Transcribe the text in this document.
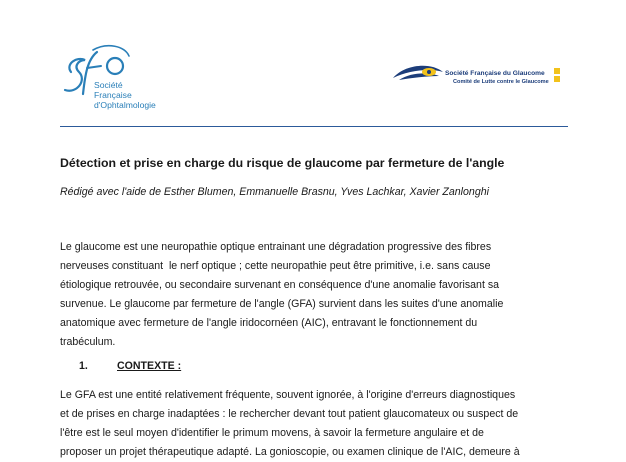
Société
Française
d'Ophtalmologie
Société Française du Glaucome
Comité de Lutte contre le Glaucome
Détection et prise en charge du risque de glaucome par fermeture de l'angle
Rédigé avec l'aide de Esther Blumen, Emmanuelle Brasnu, Yves Lachkar, Xavier Zanlonghi
Le glaucome est une neuropathie optique entrainant une dégradation progressive des fibres
nerveuses constituant  le nerf optique ; cette neuropathie peut être primitive, i.e. sans cause
étiologique retrouvée, ou secondaire survenant en conséquence d'une anomalie favorisant sa
survenue. Le glaucome par fermeture de l'angle (GFA) survient dans les suites d'une anomalie
anatomique avec fermeture de l'angle iridocornéen (AIC), entravant le fonctionnement du
trabéculum.
1.	CONTEXTE :
Le GFA est une entité relativement fréquente, souvent ignorée, à l'origine d'erreurs diagnostiques
et de prises en charge inadaptées : le rechercher devant tout patient glaucomateux ou suspect de
l'être est le seul moyen d'identifier le primum movens, à savoir la fermeture angulaire et de
proposer un projet thérapeutique adapté. La gonioscopie, ou examen clinique de l'AIC, demeure à
